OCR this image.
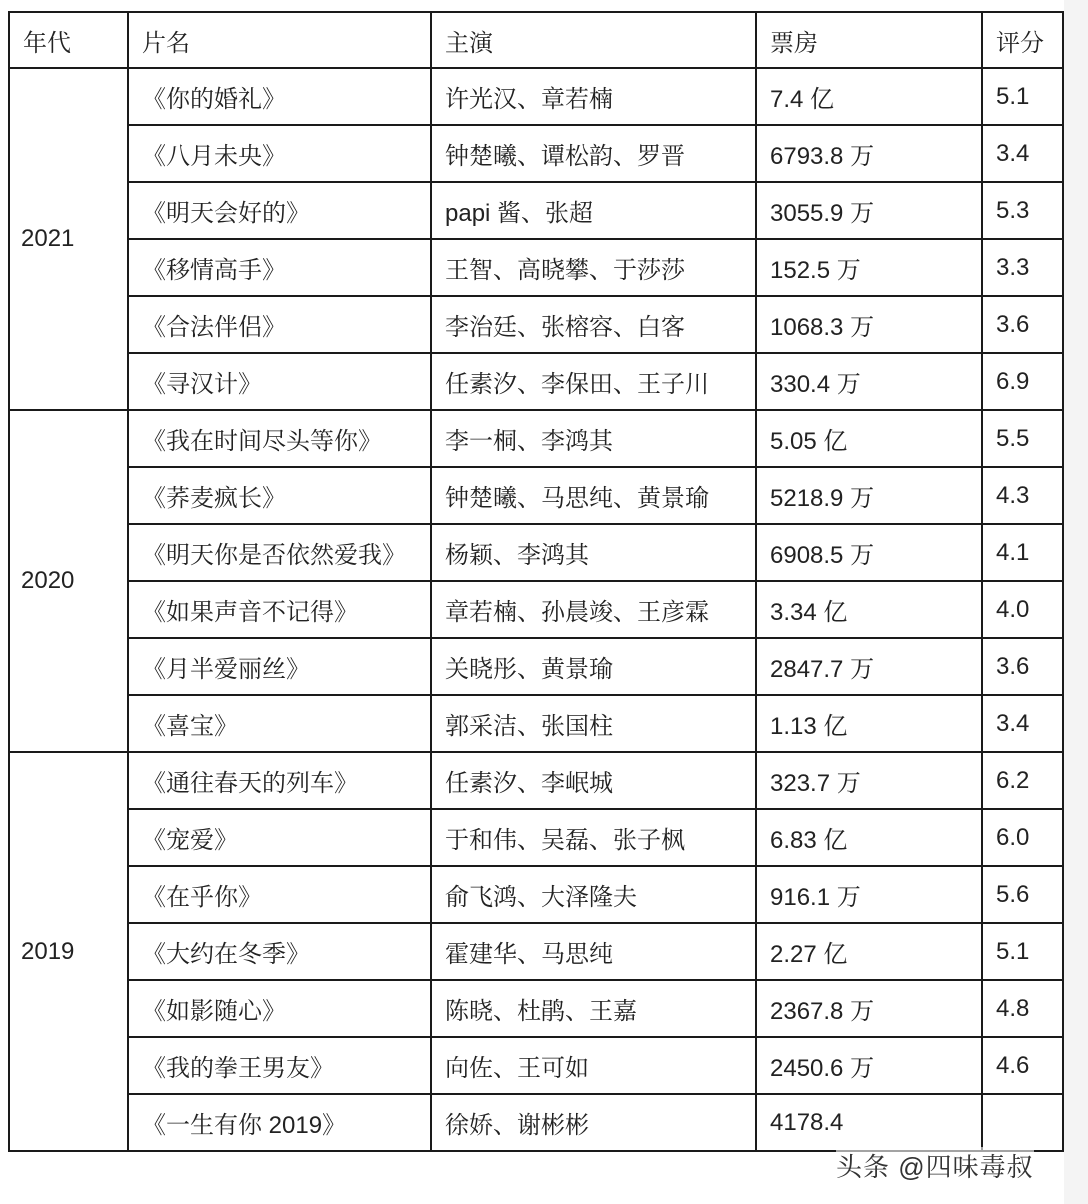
年代	片名	主演	票房	评分
2021	《你的婚礼》	许光汉、章若楠	7.4 亿	5.1
	《八月未央》	钟楚曦、谭松韵、罗晋	6793.8 万	3.4
	《明天会好的》	papi 酱、张超	3055.9 万	5.3
	《移情高手》	王智、高晓攀、于莎莎	152.5 万	3.3
	《合法伴侣》	李治廷、张榕容、白客	1068.3 万	3.6
	《寻汉计》	任素汐、李保田、王子川	330.4 万	6.9
2020	《我在时间尽头等你》	李一桐、李鸿其	5.05 亿	5.5
	《荞麦疯长》	钟楚曦、马思纯、黄景瑜	5218.9 万	4.3
	《明天你是否依然爱我》	杨颖、李鸿其	6908.5 万	4.1
	《如果声音不记得》	章若楠、孙晨竣、王彦霖	3.34 亿	4.0
	《月半爱丽丝》	关晓彤、黄景瑜	2847.7 万	3.6
	《喜宝》	郭采洁、张国柱	1.13 亿	3.4
2019	《通往春天的列车》	任素汐、李岷城	323.7 万	6.2
	《宠爱》	于和伟、吴磊、张子枫	6.83 亿	6.0
	《在乎你》	俞飞鸿、大泽隆夫	916.1 万	5.6
	《大约在冬季》	霍建华、马思纯	2.27 亿	5.1
	《如影随心》	陈晓、杜鹃、王嘉	2367.8 万	4.8
	《我的拳王男友》	向佐、王可如	2450.6 万	4.6
	《一生有你 2019》	徐娇、谢彬彬	4178.4	
头条 @四味毒叔
